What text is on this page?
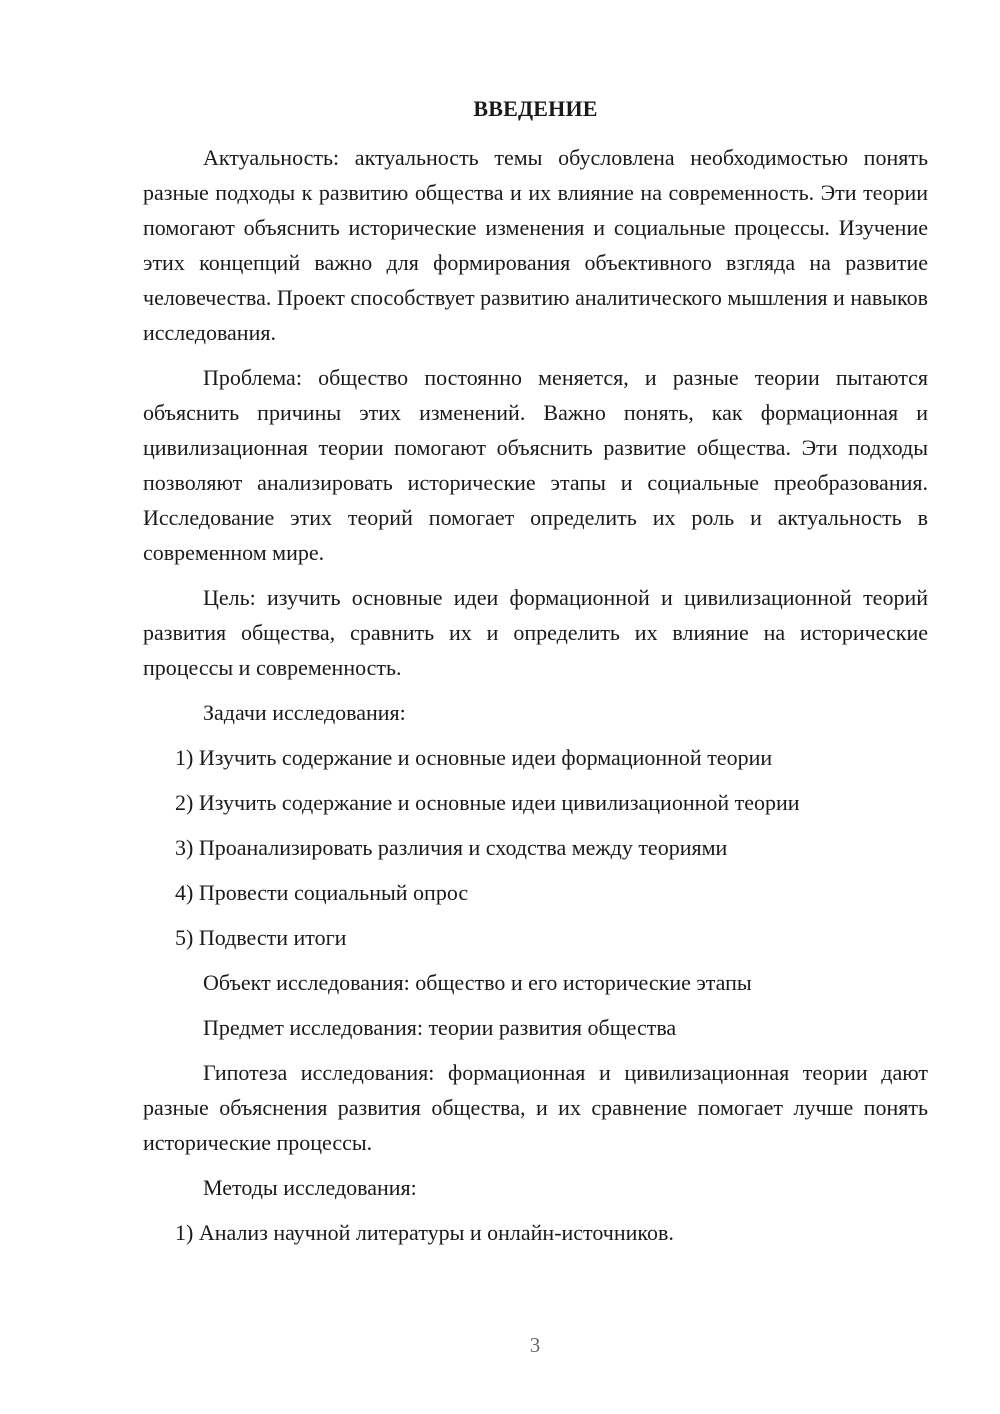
ВВЕДЕНИЕ

Актуальность: актуальность темы обусловлена необходимостью понять разные подходы к развитию общества и их влияние на современность. Эти теории помогают объяснить исторические изменения и социальные процессы. Изучение этих концепций важно для формирования объективного взгляда на развитие человечества. Проект способствует развитию аналитического мышления и навыков исследования.

Проблема: общество постоянно меняется, и разные теории пытаются объяснить причины этих изменений. Важно понять, как формационная и цивилизационная теории помогают объяснить развитие общества. Эти подходы позволяют анализировать исторические этапы и социальные преобразования. Исследование этих теорий помогает определить их роль и актуальность в современном мире.

Цель: изучить основные идеи формационной и цивилизационной теорий развития общества, сравнить их и определить их влияние на исторические процессы и современность.

Задачи исследования:

1) Изучить содержание и основные идеи формационной теории

2) Изучить содержание и основные идеи цивилизационной теории

3) Проанализировать различия и сходства между теориями

4) Провести социальный опрос

5) Подвести итоги

Объект исследования: общество и его исторические этапы

Предмет исследования: теории развития общества

Гипотеза исследования: формационная и цивилизационная теории дают разные объяснения развития общества, и их сравнение помогает лучше понять исторические процессы.

Методы исследования:

1) Анализ научной литературы и онлайн-источников.

3
